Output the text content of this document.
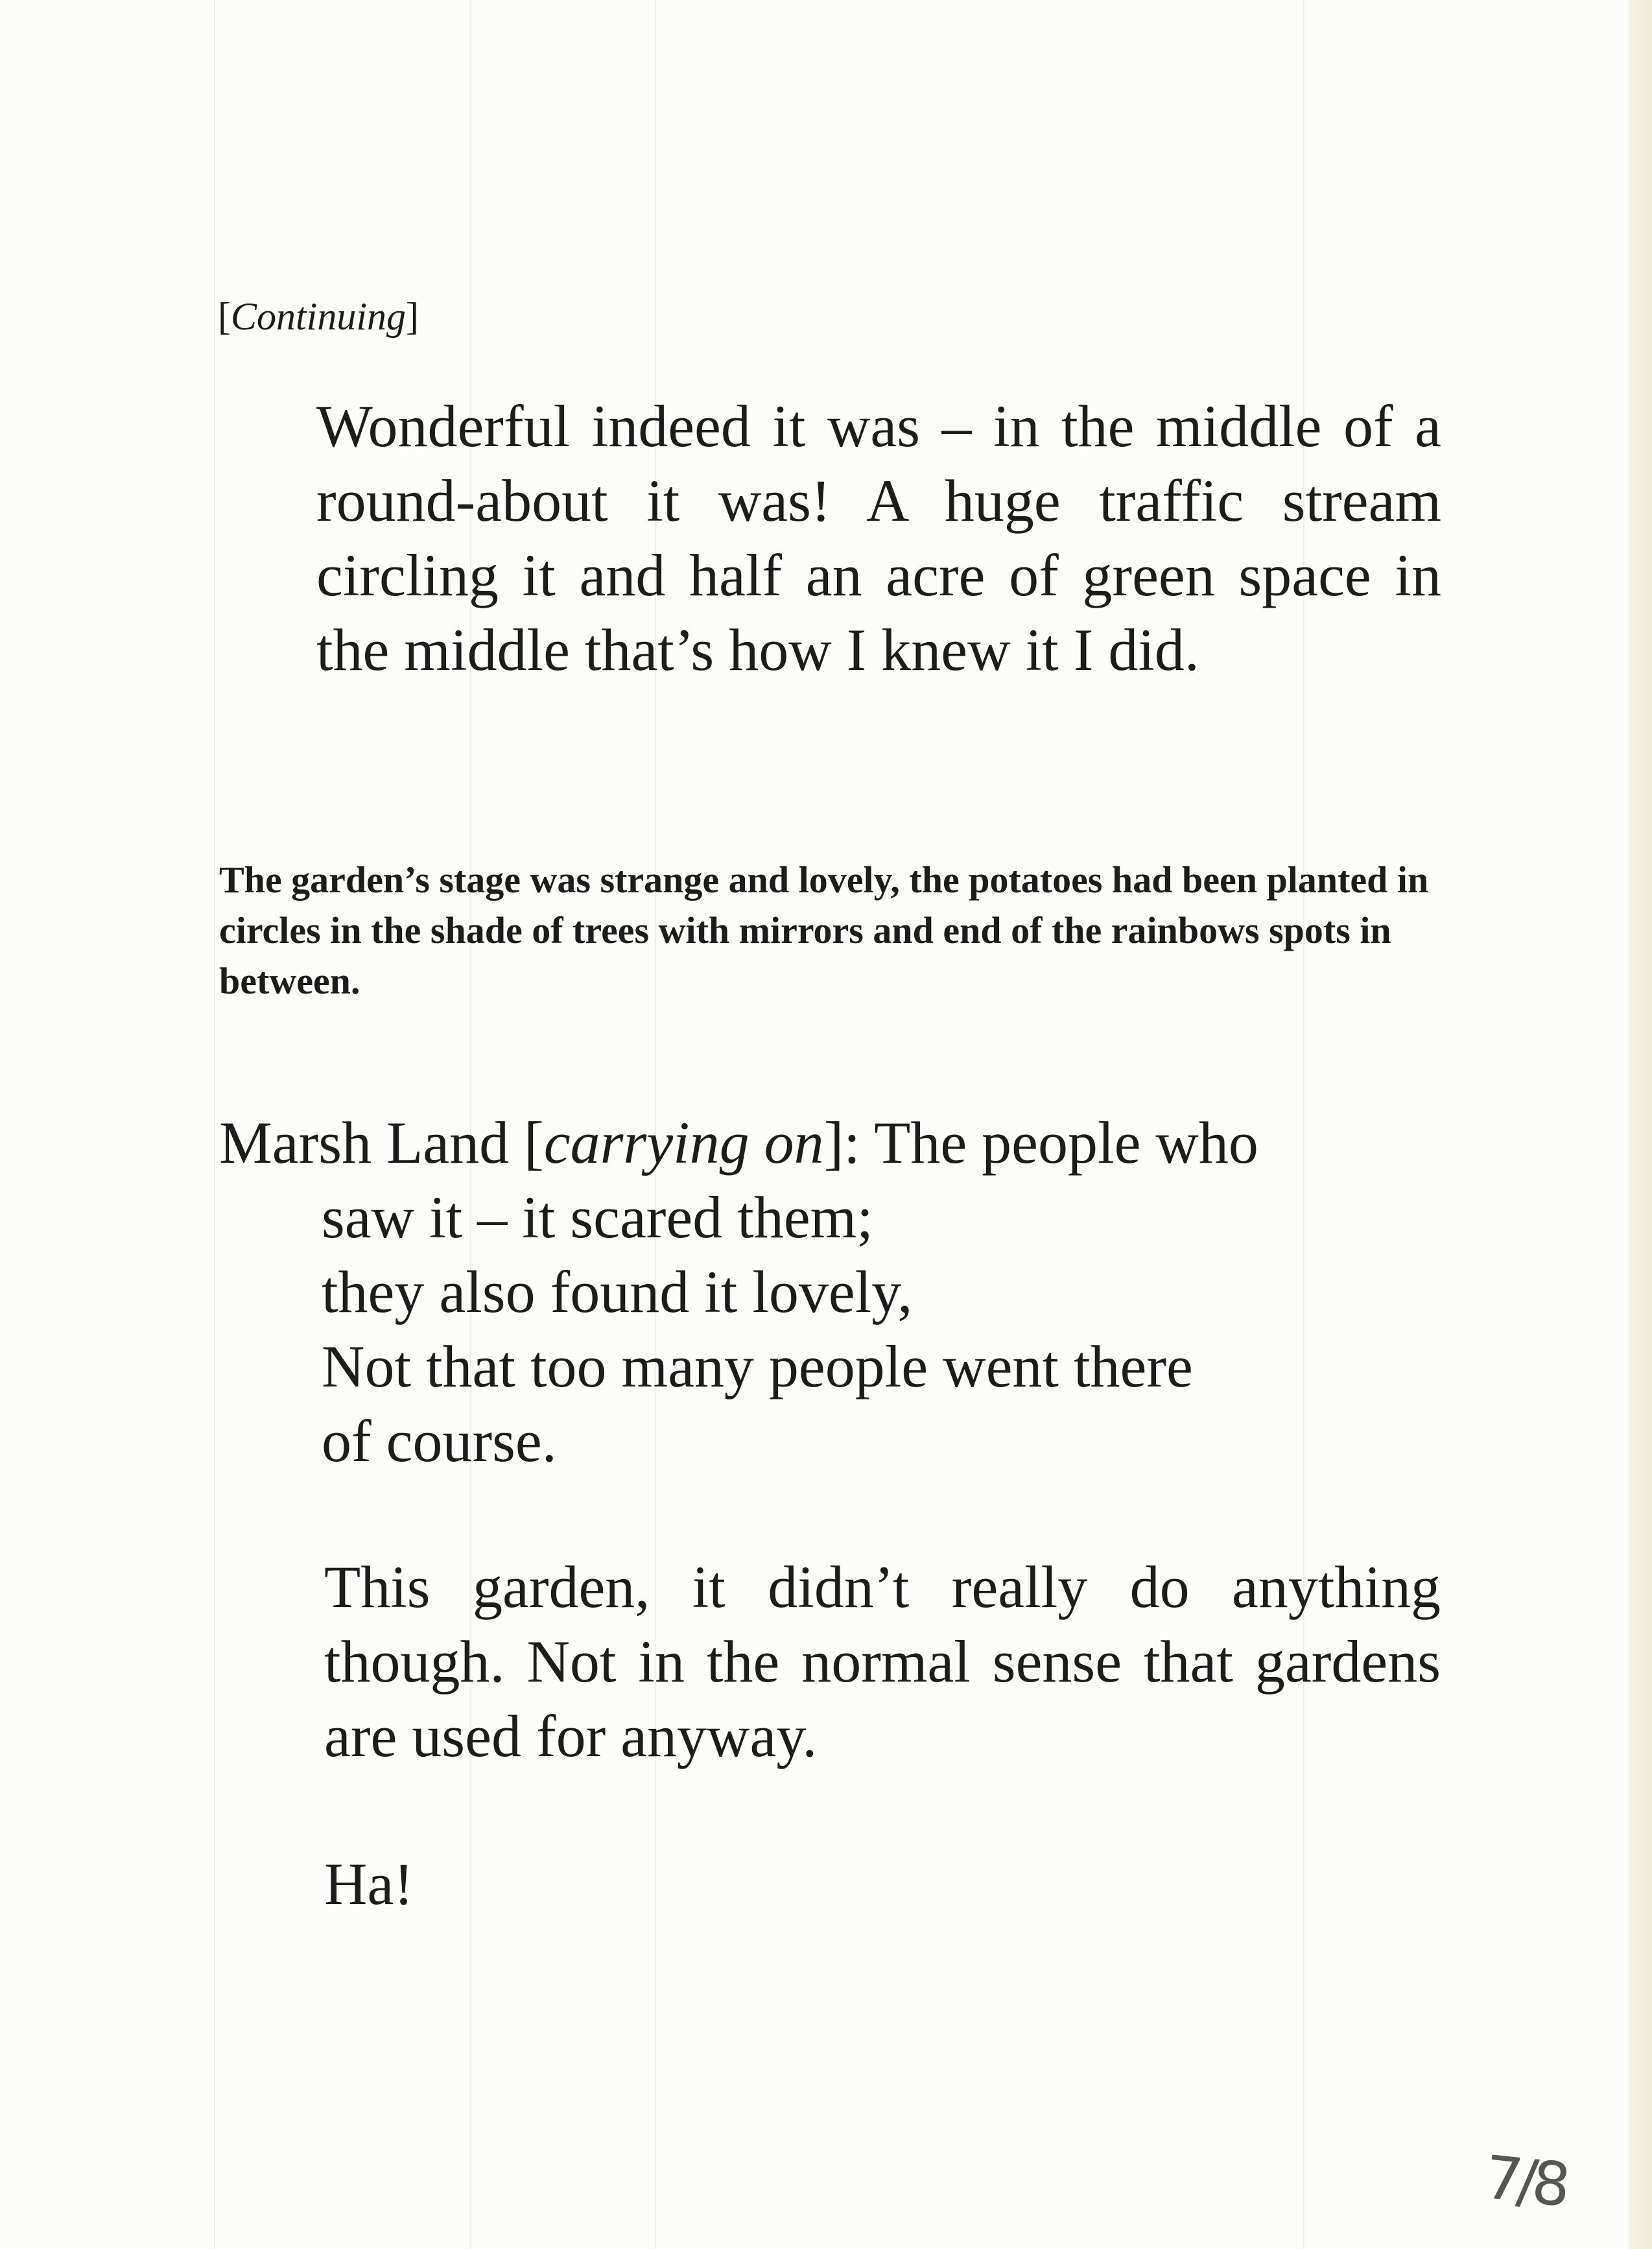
[Continuing]

Wonderful indeed it was – in the middle of a round-about it was! A huge traffic stream circling it and half an acre of green space in the middle that’s how I knew it I did.

The garden’s stage was strange and lovely, the potatoes had been planted in circles in the shade of trees with mirrors and end of the rainbows spots in between.

Marsh Land [carrying on]: The people who

saw it – it scared them;
they also found it lovely,
Not that too many people went there
of course.

This garden, it didn’t really do anything though. Not in the normal sense that gardens are used for anyway.

Ha!

7/8
